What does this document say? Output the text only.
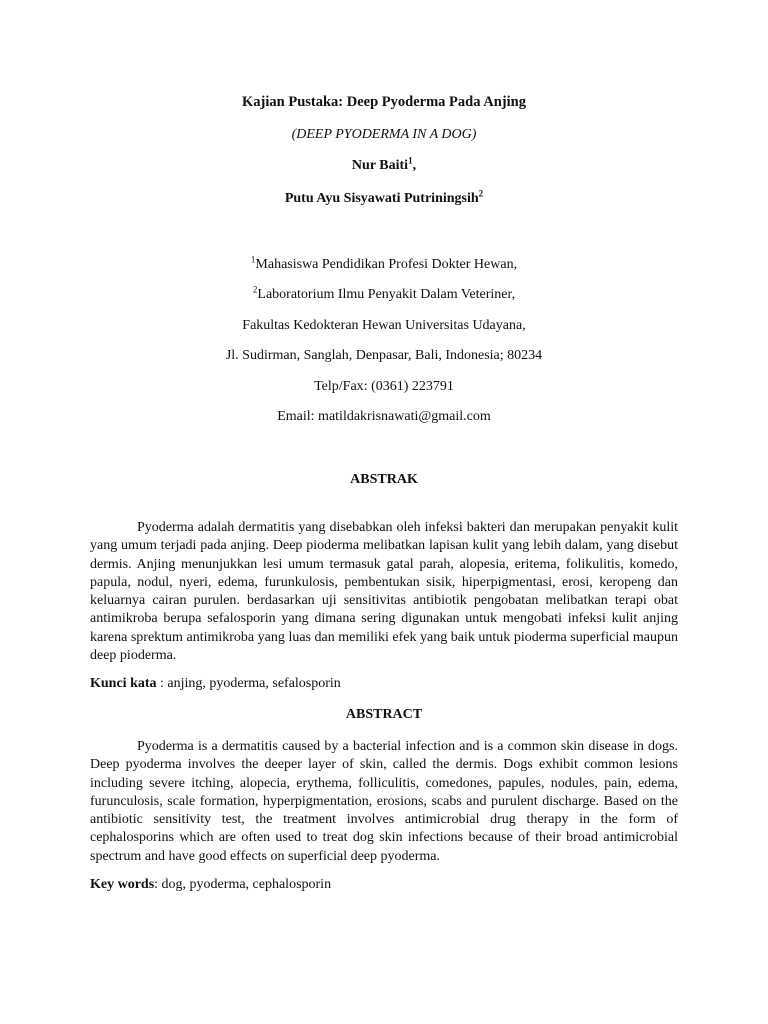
Kajian Pustaka: Deep Pyoderma Pada Anjing
(DEEP PYODERMA IN A DOG)
Nur Baiti$^1$,
Putu Ayu Sisyawati Putriningsih$^2$
$^1$Mahasiswa Pendidikan Profesi Dokter Hewan,
$^2$Laboratorium Ilmu Penyakit Dalam Veteriner,
Fakultas Kedokteran Hewan Universitas Udayana,
Jl. Sudirman, Sanglah, Denpasar, Bali, Indonesia; 80234
Telp/Fax: (0361) 223791
Email: matildakrisnawati@gmail.com
ABSTRAK
Pyoderma adalah dermatitis yang disebabkan oleh infeksi bakteri dan merupakan penyakit kulit yang umum terjadi pada anjing. Deep pioderma melibatkan lapisan kulit yang lebih dalam, yang disebut dermis. Anjing menunjukkan lesi umum termasuk gatal parah, alopesia, eritema, folikulitis, komedo, papula, nodul, nyeri, edema, furunkulosis, pembentukan sisik, hiperpigmentasi, erosi, keropeng dan keluarnya cairan purulen. berdasarkan uji sensitivitas antibiotik pengobatan melibatkan terapi obat antimikroba berupa sefalosporin yang dimana sering digunakan untuk mengobati infeksi kulit anjing karena sprektum antimikroba yang luas dan memiliki efek yang baik untuk pioderma superficial maupun deep pioderma.
Kunci kata : anjing, pyoderma, sefalosporin
ABSTRACT
Pyoderma is a dermatitis caused by a bacterial infection and is a common skin disease in dogs. Deep pyoderma involves the deeper layer of skin, called the dermis. Dogs exhibit common lesions including severe itching, alopecia, erythema, folliculitis, comedones, papules, nodules, pain, edema, furunculosis, scale formation, hyperpigmentation, erosions, scabs and purulent discharge. Based on the antibiotic sensitivity test, the treatment involves antimicrobial drug therapy in the form of cephalosporins which are often used to treat dog skin infections because of their broad antimicrobial spectrum and have good effects on superficial deep pyoderma.
Key words: dog, pyoderma, cephalosporin
